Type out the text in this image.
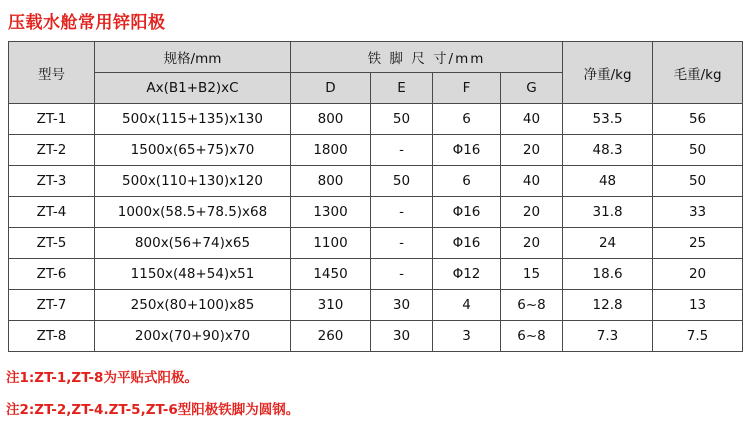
压载水舱常用锌阳极
型号	规格/mm	铁 脚 尺 寸/mm				净重/kg	毛重/kg
	Ax(B1+B2)xC	D	E	F	G		
ZT-1	500x(115+135)x130	800	50	6	40	53.5	56
ZT-2	1500x(65+75)x70	1800	-	Φ16	20	48.3	50
ZT-3	500x(110+130)x120	800	50	6	40	48	50
ZT-4	1000x(58.5+78.5)x68	1300	-	Φ16	20	31.8	33
ZT-5	800x(56+74)x65	1100	-	Φ16	20	24	25
ZT-6	1150x(48+54)x51	1450	-	Φ12	15	18.6	20
ZT-7	250x(80+100)x85	310	30	4	6~8	12.8	13
ZT-8	200x(70+90)x70	260	30	3	6~8	7.3	7.5
注1:ZT-1,ZT-8为平贴式阳极。
注2:ZT-2,ZT-4.ZT-5,ZT-6型阳极铁脚为圆钢。
